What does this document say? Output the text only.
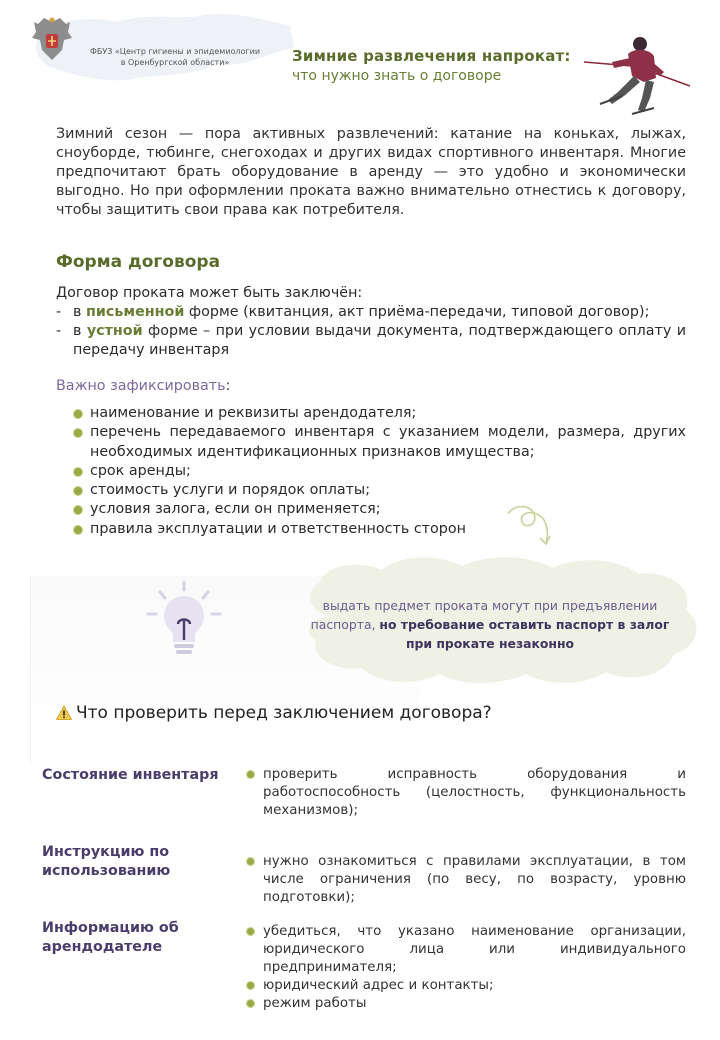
ФБУЗ «Центр гигиены и эпидемиологии
в Оренбургской области»	Зимние развлечения напрокат:
что нужно знать о договоре
Зимний сезон — пора активных развлечений: катание на коньках, лыжах, сноуборде, тюбинге, снегоходах и других видах спортивного инвентаря. Многие предпочитают брать оборудование в аренду — это удобно и экономически выгодно. Но при оформлении проката важно внимательно отнестись к договору, чтобы защитить свои права как потребителя.
Форма договора
Договор проката может быть заключён:
- в письменной форме (квитанция, акт приёма-передачи, типовой договор);
- в устной форме – при условии выдачи документа, подтверждающего оплату и передачу инвентаря
Важно зафиксировать:
наименование и реквизиты арендодателя;
перечень передаваемого инвентаря с указанием модели, размера, других необходимых идентификационных признаков имущества;
срок аренды;
стоимость услуги и порядок оплаты;
условия залога, если он применяется;
правила эксплуатации и ответственность сторон
выдать предмет проката могут при предъявлении паспорта, но требование оставить паспорт в залог при прокате незаконно
Что проверить перед заключением договора?
Состояние инвентаря	проверить исправность оборудования и работоспособность (целостность, функциональность механизмов);
Инструкцию по использованию
нужно ознакомиться с правилами эксплуатации, в том числе ограничения (по весу, по возрасту, уровню подготовки);
Информацию об арендодателе
убедиться, что указано наименование организации, юридического лица или индивидуального предпринимателя;
юридический адрес и контакты;
режим работы
